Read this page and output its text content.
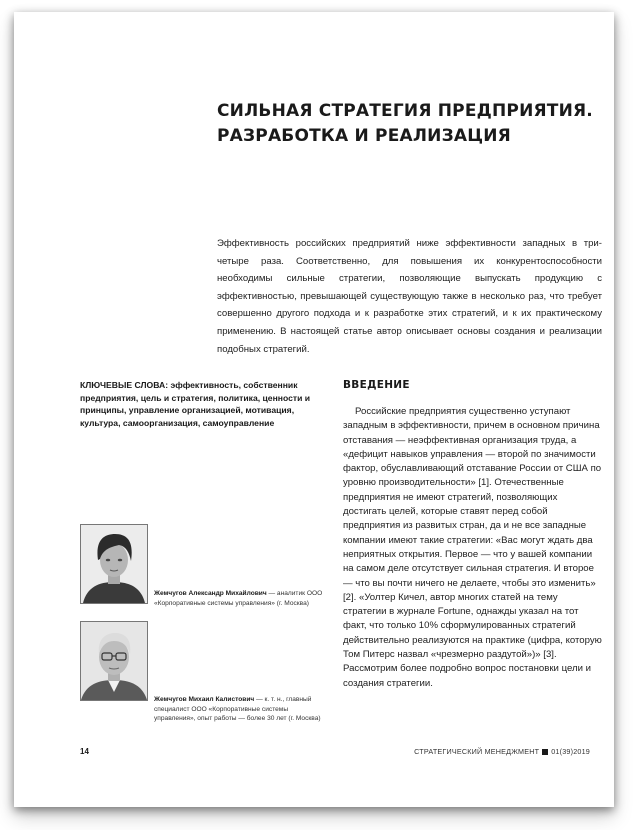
СИЛЬНАЯ СТРАТЕГИЯ ПРЕДПРИЯТИЯ.
РАЗРАБОТКА И РЕАЛИЗАЦИЯ
Эффективность российских предприятий ниже эффективности западных в три-четыре раза. Соответственно, для повышения их конкурентоспособности необходимы сильные стратегии, позволяющие выпускать продукцию с эффективностью, превышающей существующую также в несколько раз, что требует совершенно другого подхода и к разработке этих стратегий, и к их практическому применению. В настоящей статье автор описывает основы создания и реализации подобных стратегий.
КЛЮЧЕВЫЕ СЛОВА: эффективность, собственник предприятия, цель и стратегия, политика, ценности и принципы, управление организацией, мотивация, культура, самоорганизация, самоуправление
ВВЕДЕНИЕ

Российские предприятия существенно уступают западным в эффективности, причем в основном причина отставания — неэффективная организация труда, а «дефицит навыков управления — второй по значимости фактор, обуславливающий отставание России от США по уровню производительности» [1]. Отечественные предприятия не имеют стратегий, позволяющих достигать целей, которые ставят перед собой предприятия из развитых стран, да и не все западные компании имеют такие стратегии: «Вас могут ждать два неприятных открытия. Первое — что у вашей компании на самом деле отсутствует сильная стратегия. И второе — что вы почти ничего не делаете, чтобы это изменить» [2]. «Уолтер Кичел, автор многих статей на тему стратегии в журнале Fortune, однажды указал на тот факт, что только 10% сформулированных стратегий действительно реализуются на практике (цифра, которую Том Питерс назвал «чрезмерно раздутой»)» [3]. Рассмотрим более подробно вопрос постановки цели и создания стратегии.

Жемчугов Александр Михайлович — аналитик ООО «Корпоративные системы управления» (г. Москва)
Жемчугов Михаил Калистович — к. т. н., главный специалист ООО «Корпоративные системы управления», опыт работы — более 30 лет (г. Москва)
14	СТРАТЕГИЧЕСКИЙ МЕНЕДЖМЕНТ 01(39)2019
